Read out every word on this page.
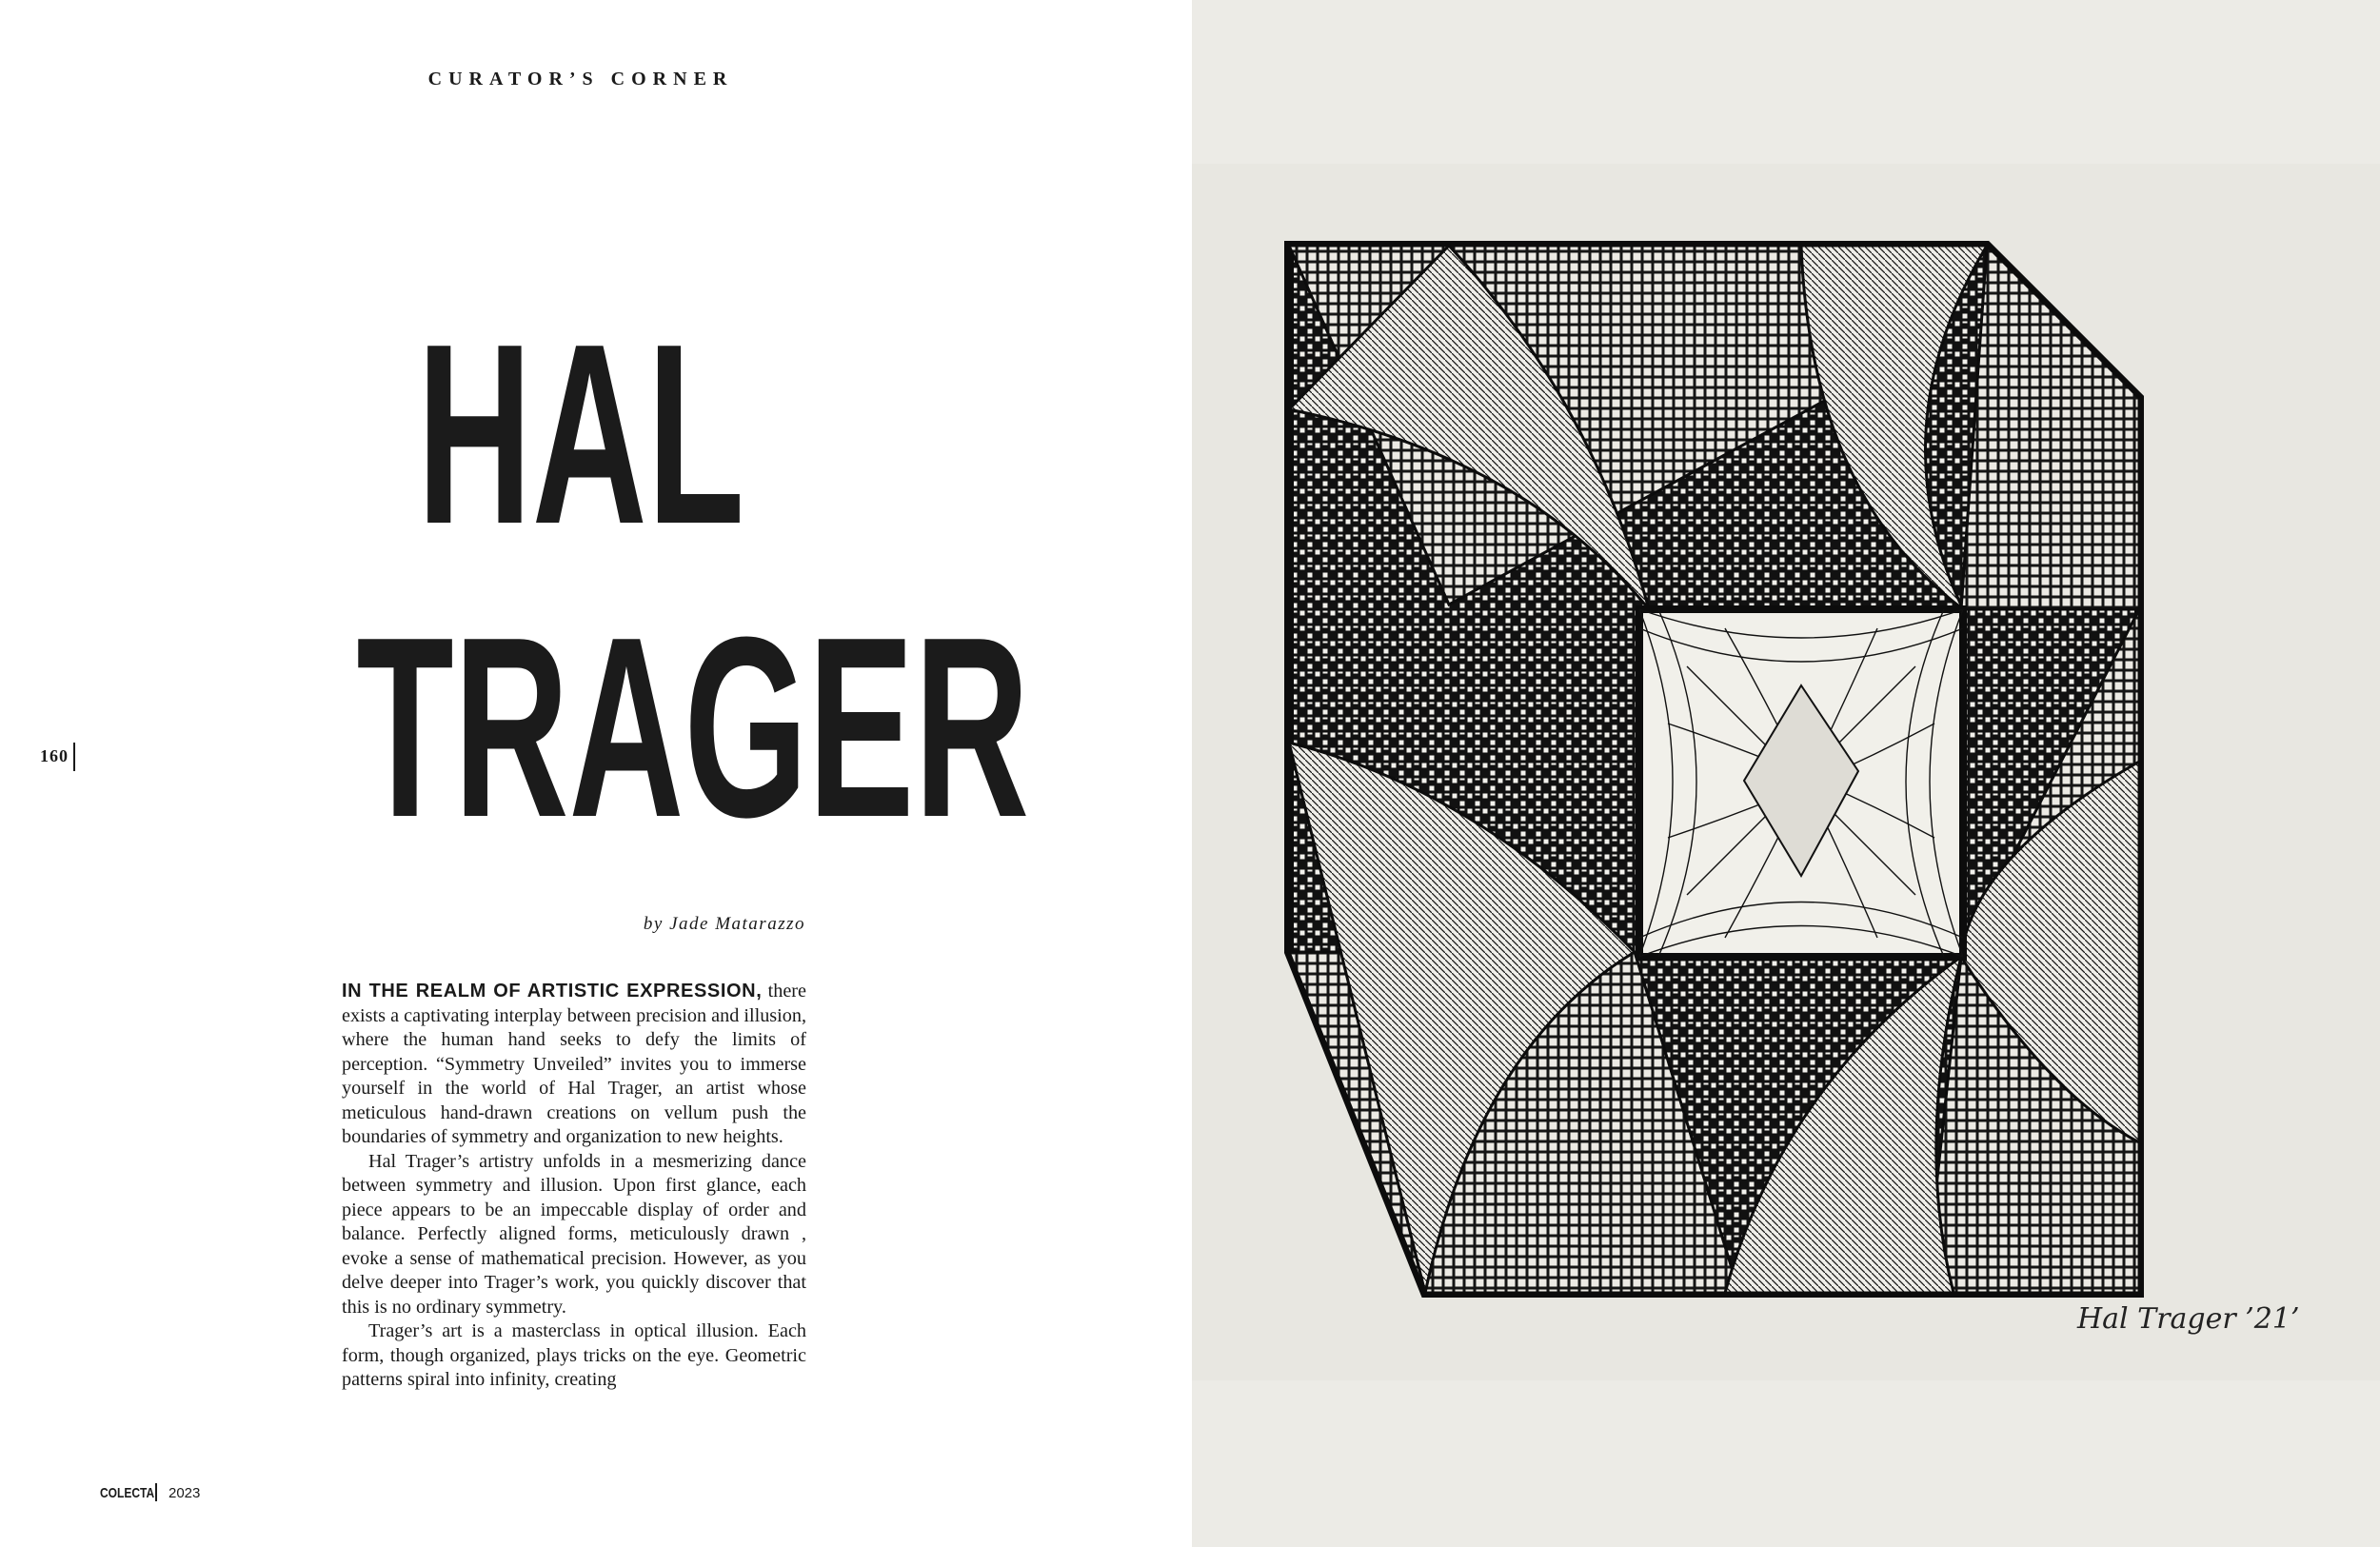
CURATOR’S CORNER
HAL
TRAGER
160
by Jade Matarazzo

IN THE REALM OF ARTISTIC EXPRESSION, there exists a captivating interplay between precision and illusion, where the human hand seeks to defy the limits of perception. “Symmetry Unveiled” invites you to immerse yourself in the world of Hal Trager, an artist whose meticulous hand-drawn creations on vellum push the boundaries of symmetry and organization to new heights.

Hal Trager’s artistry unfolds in a mesmerizing dance between symmetry and illusion. Upon first glance, each piece appears to be an impeccable display of order and balance. Perfectly aligned forms, meticulously drawn , evoke a sense of mathematical precision. However, as you delve deeper into Trager’s work, you quickly discover that this is no ordinary symmetry.

Trager’s art is a masterclass in optical illusion. Each form, though organized, plays tricks on the eye. Geometric patterns spiral into infinity, creating

COLECTA 2023
Hal Trager ’21’
